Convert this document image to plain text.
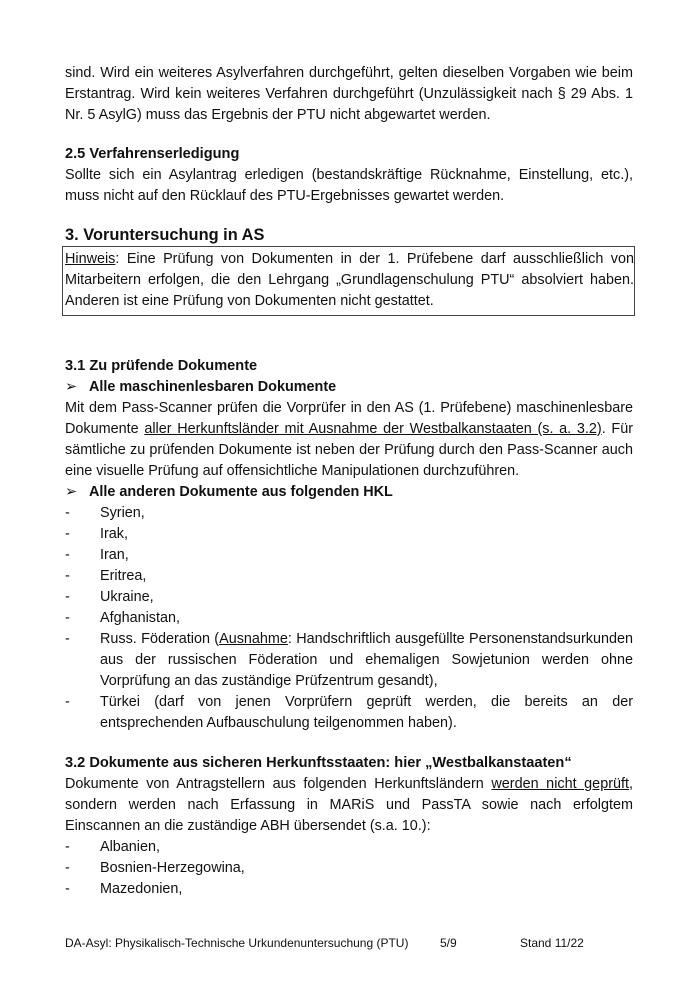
sind. Wird ein weiteres Asylverfahren durchgeführt, gelten dieselben Vorgaben wie beim Erstantrag. Wird kein weiteres Verfahren durchgeführt (Unzulässigkeit nach § 29 Abs. 1 Nr. 5 AsylG) muss das Ergebnis der PTU nicht abgewartet werden.

2.5 Verfahrenserledigung

Sollte sich ein Asylantrag erledigen (bestandskräftige Rücknahme, Einstellung, etc.), muss nicht auf den Rücklauf des PTU-Ergebnisses gewartet werden.

3. Voruntersuchung in AS

Hinweis: Eine Prüfung von Dokumenten in der 1. Prüfebene darf ausschließlich von Mitarbeitern erfolgen, die den Lehrgang „Grundlagenschulung PTU“ absolviert haben. Anderen ist eine Prüfung von Dokumenten nicht gestattet.

3.1 Zu prüfende Dokumente
➢ Alle maschinenlesbaren Dokumente

Mit dem Pass-Scanner prüfen die Vorprüfer in den AS (1. Prüfebene) maschinenlesbare Dokumente aller Herkunftsländer mit Ausnahme der Westbalkanstaaten (s. a. 3.2). Für sämtliche zu prüfenden Dokumente ist neben der Prüfung durch den Pass-Scanner auch eine visuelle Prüfung auf offensichtliche Manipulationen durchzuführen.

➢ Alle anderen Dokumente aus folgenden HKL
-	Syrien,
-	Irak,
-	Iran,
-	Eritrea,
-	Ukraine,
-	Afghanistan,
-	Russ. Föderation (Ausnahme: Handschriftlich ausgefüllte Personenstandsurkunden aus der russischen Föderation und ehemaligen Sowjetunion werden ohne Vorprüfung an das zuständige Prüfzentrum gesandt),
-	Türkei (darf von jenen Vorprüfern geprüft werden, die bereits an der entsprechenden Aufbauschulung teilgenommen haben).
3.2 Dokumente aus sicheren Herkunftsstaaten: hier „Westbalkanstaaten“

Dokumente von Antragstellern aus folgenden Herkunftsländern werden nicht geprüft, sondern werden nach Erfassung in MARiS und PassTA sowie nach erfolgtem Einscannen an die zuständige ABH übersendet (s.a. 10.):

-	Albanien,
-	Bosnien-Herzegowina,
-	Mazedonien,
DA-Asyl: Physikalisch-Technische Urkundenuntersuchung (PTU)	5/9	Stand 11/22
